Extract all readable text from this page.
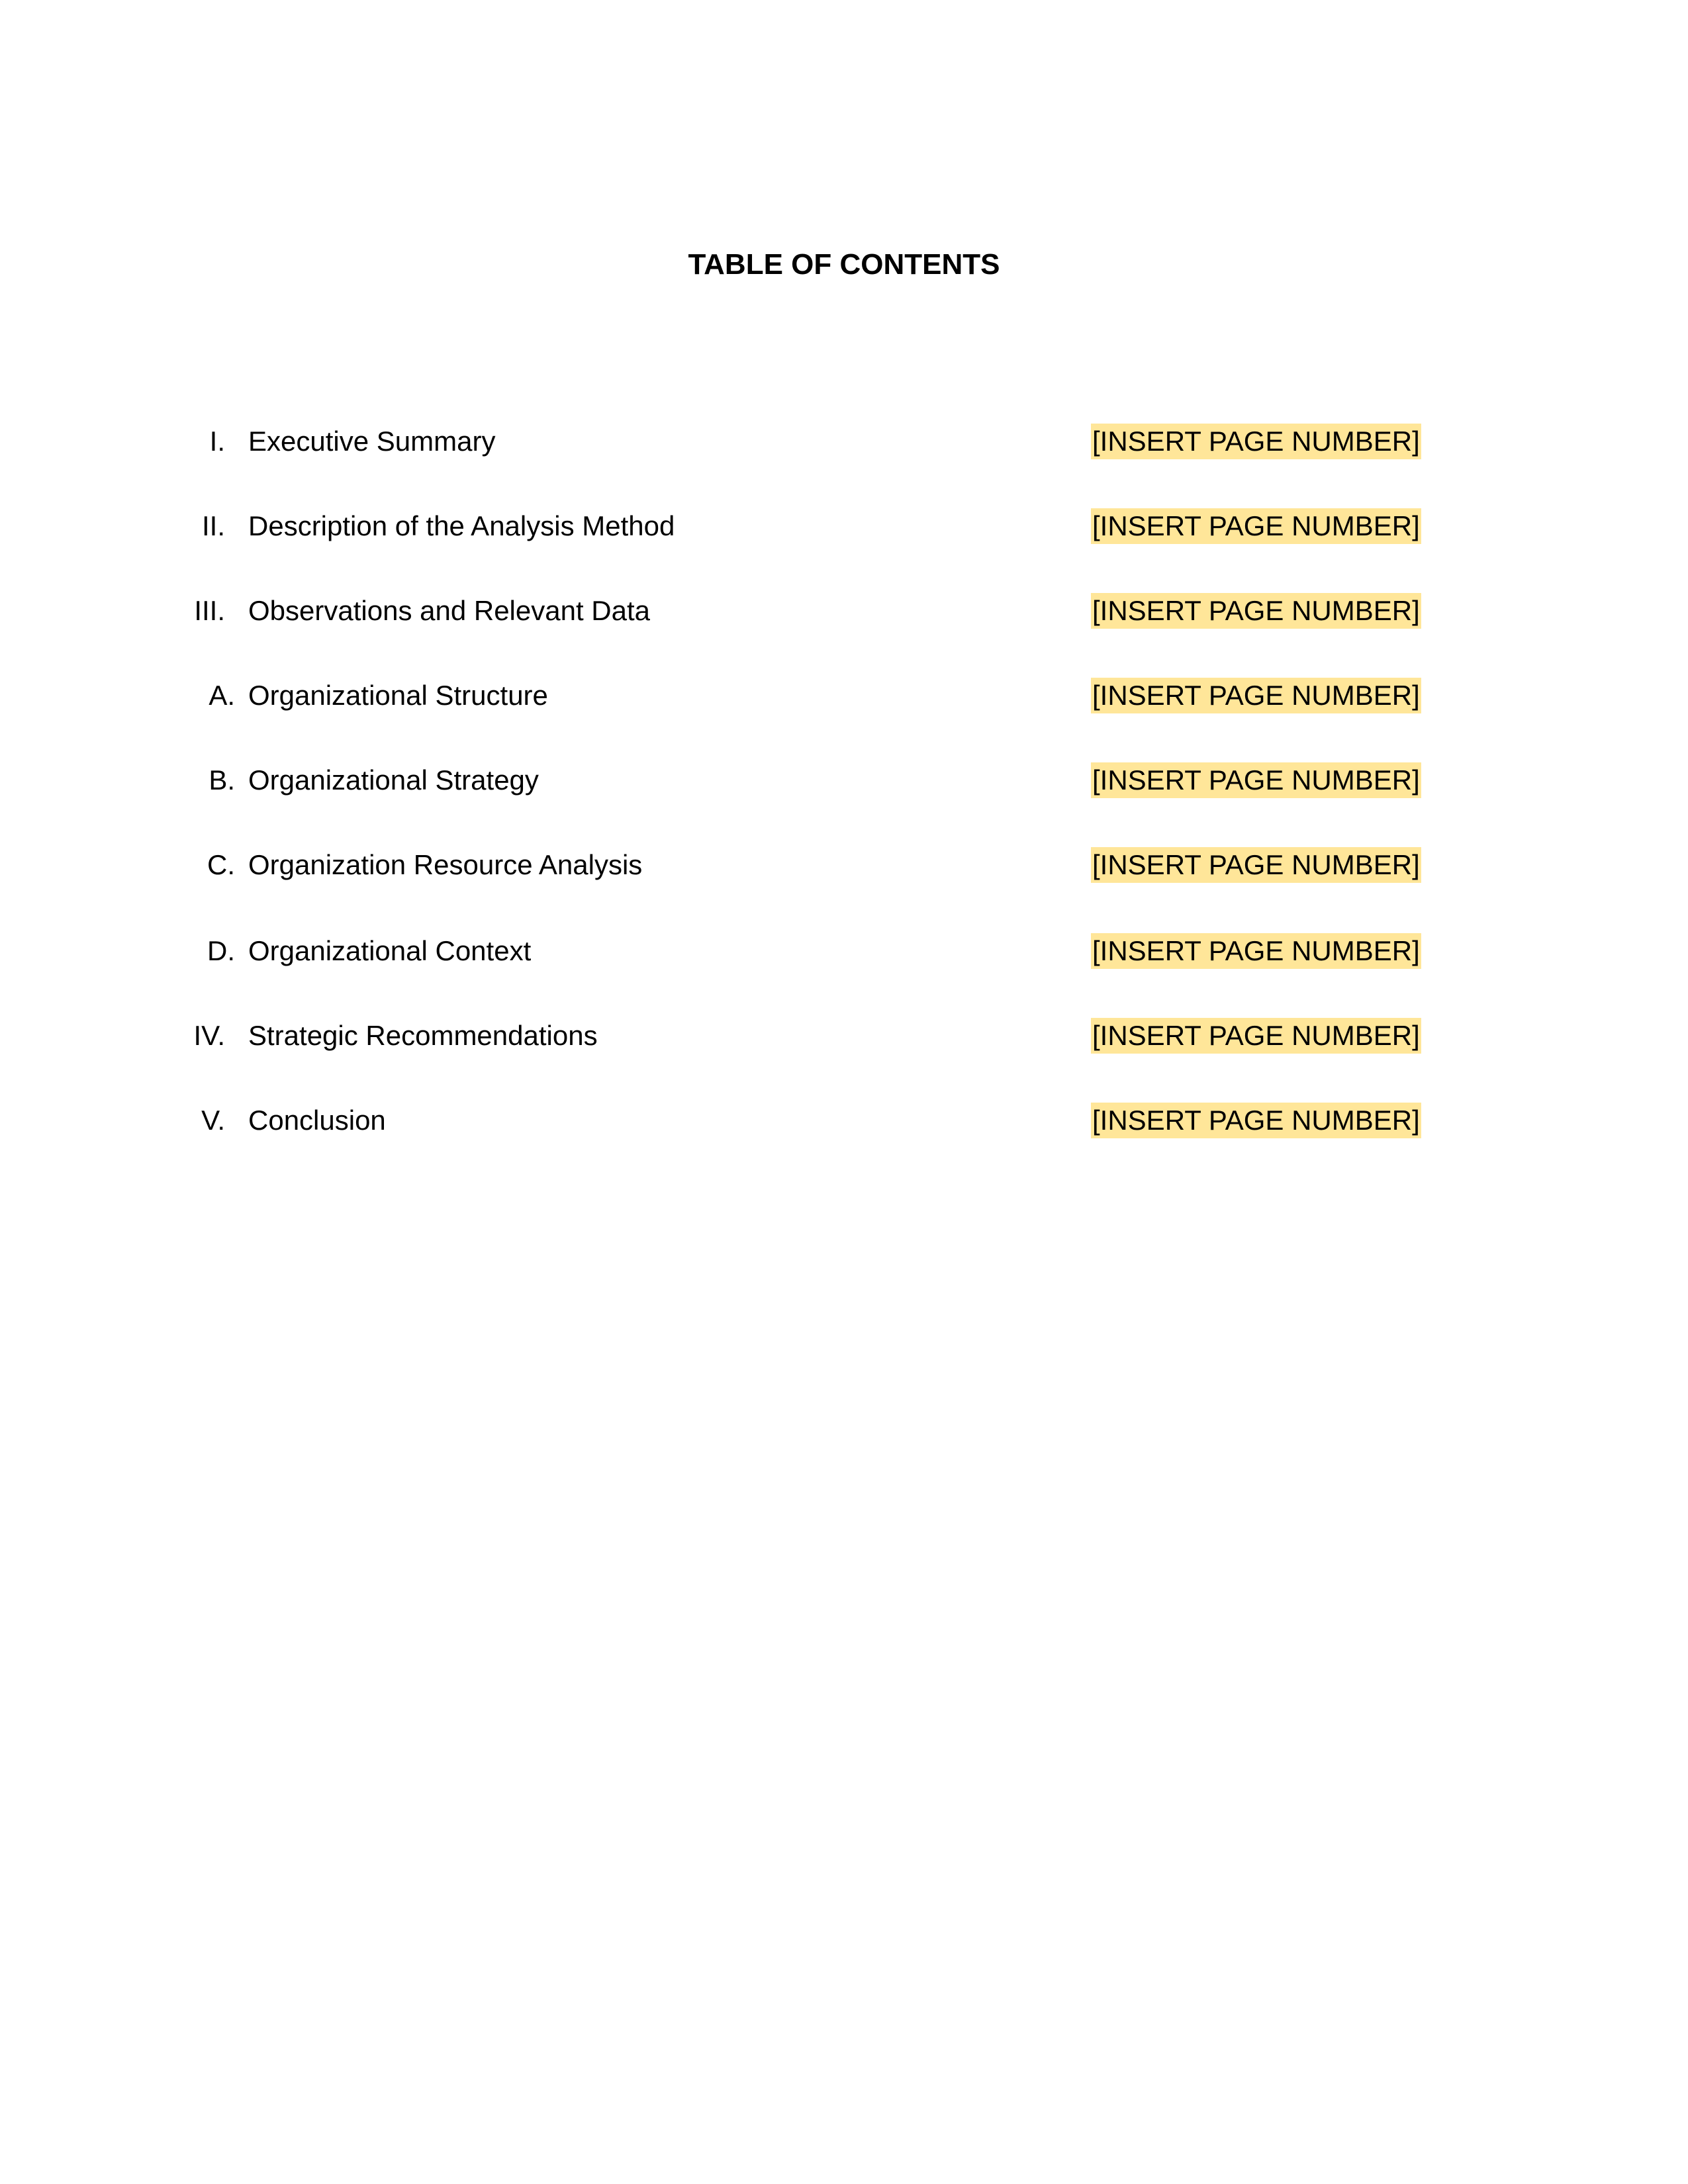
TABLE OF CONTENTS
I. Executive Summary	[INSERT PAGE NUMBER]
II. Description of the Analysis Method	[INSERT PAGE NUMBER]
III. Observations and Relevant Data	[INSERT PAGE NUMBER]
A. Organizational Structure	[INSERT PAGE NUMBER]
B. Organizational Strategy	[INSERT PAGE NUMBER]
C. Organization Resource Analysis	[INSERT PAGE NUMBER]
D. Organizational Context	[INSERT PAGE NUMBER]
IV. Strategic Recommendations	[INSERT PAGE NUMBER]
V. Conclusion	[INSERT PAGE NUMBER]
